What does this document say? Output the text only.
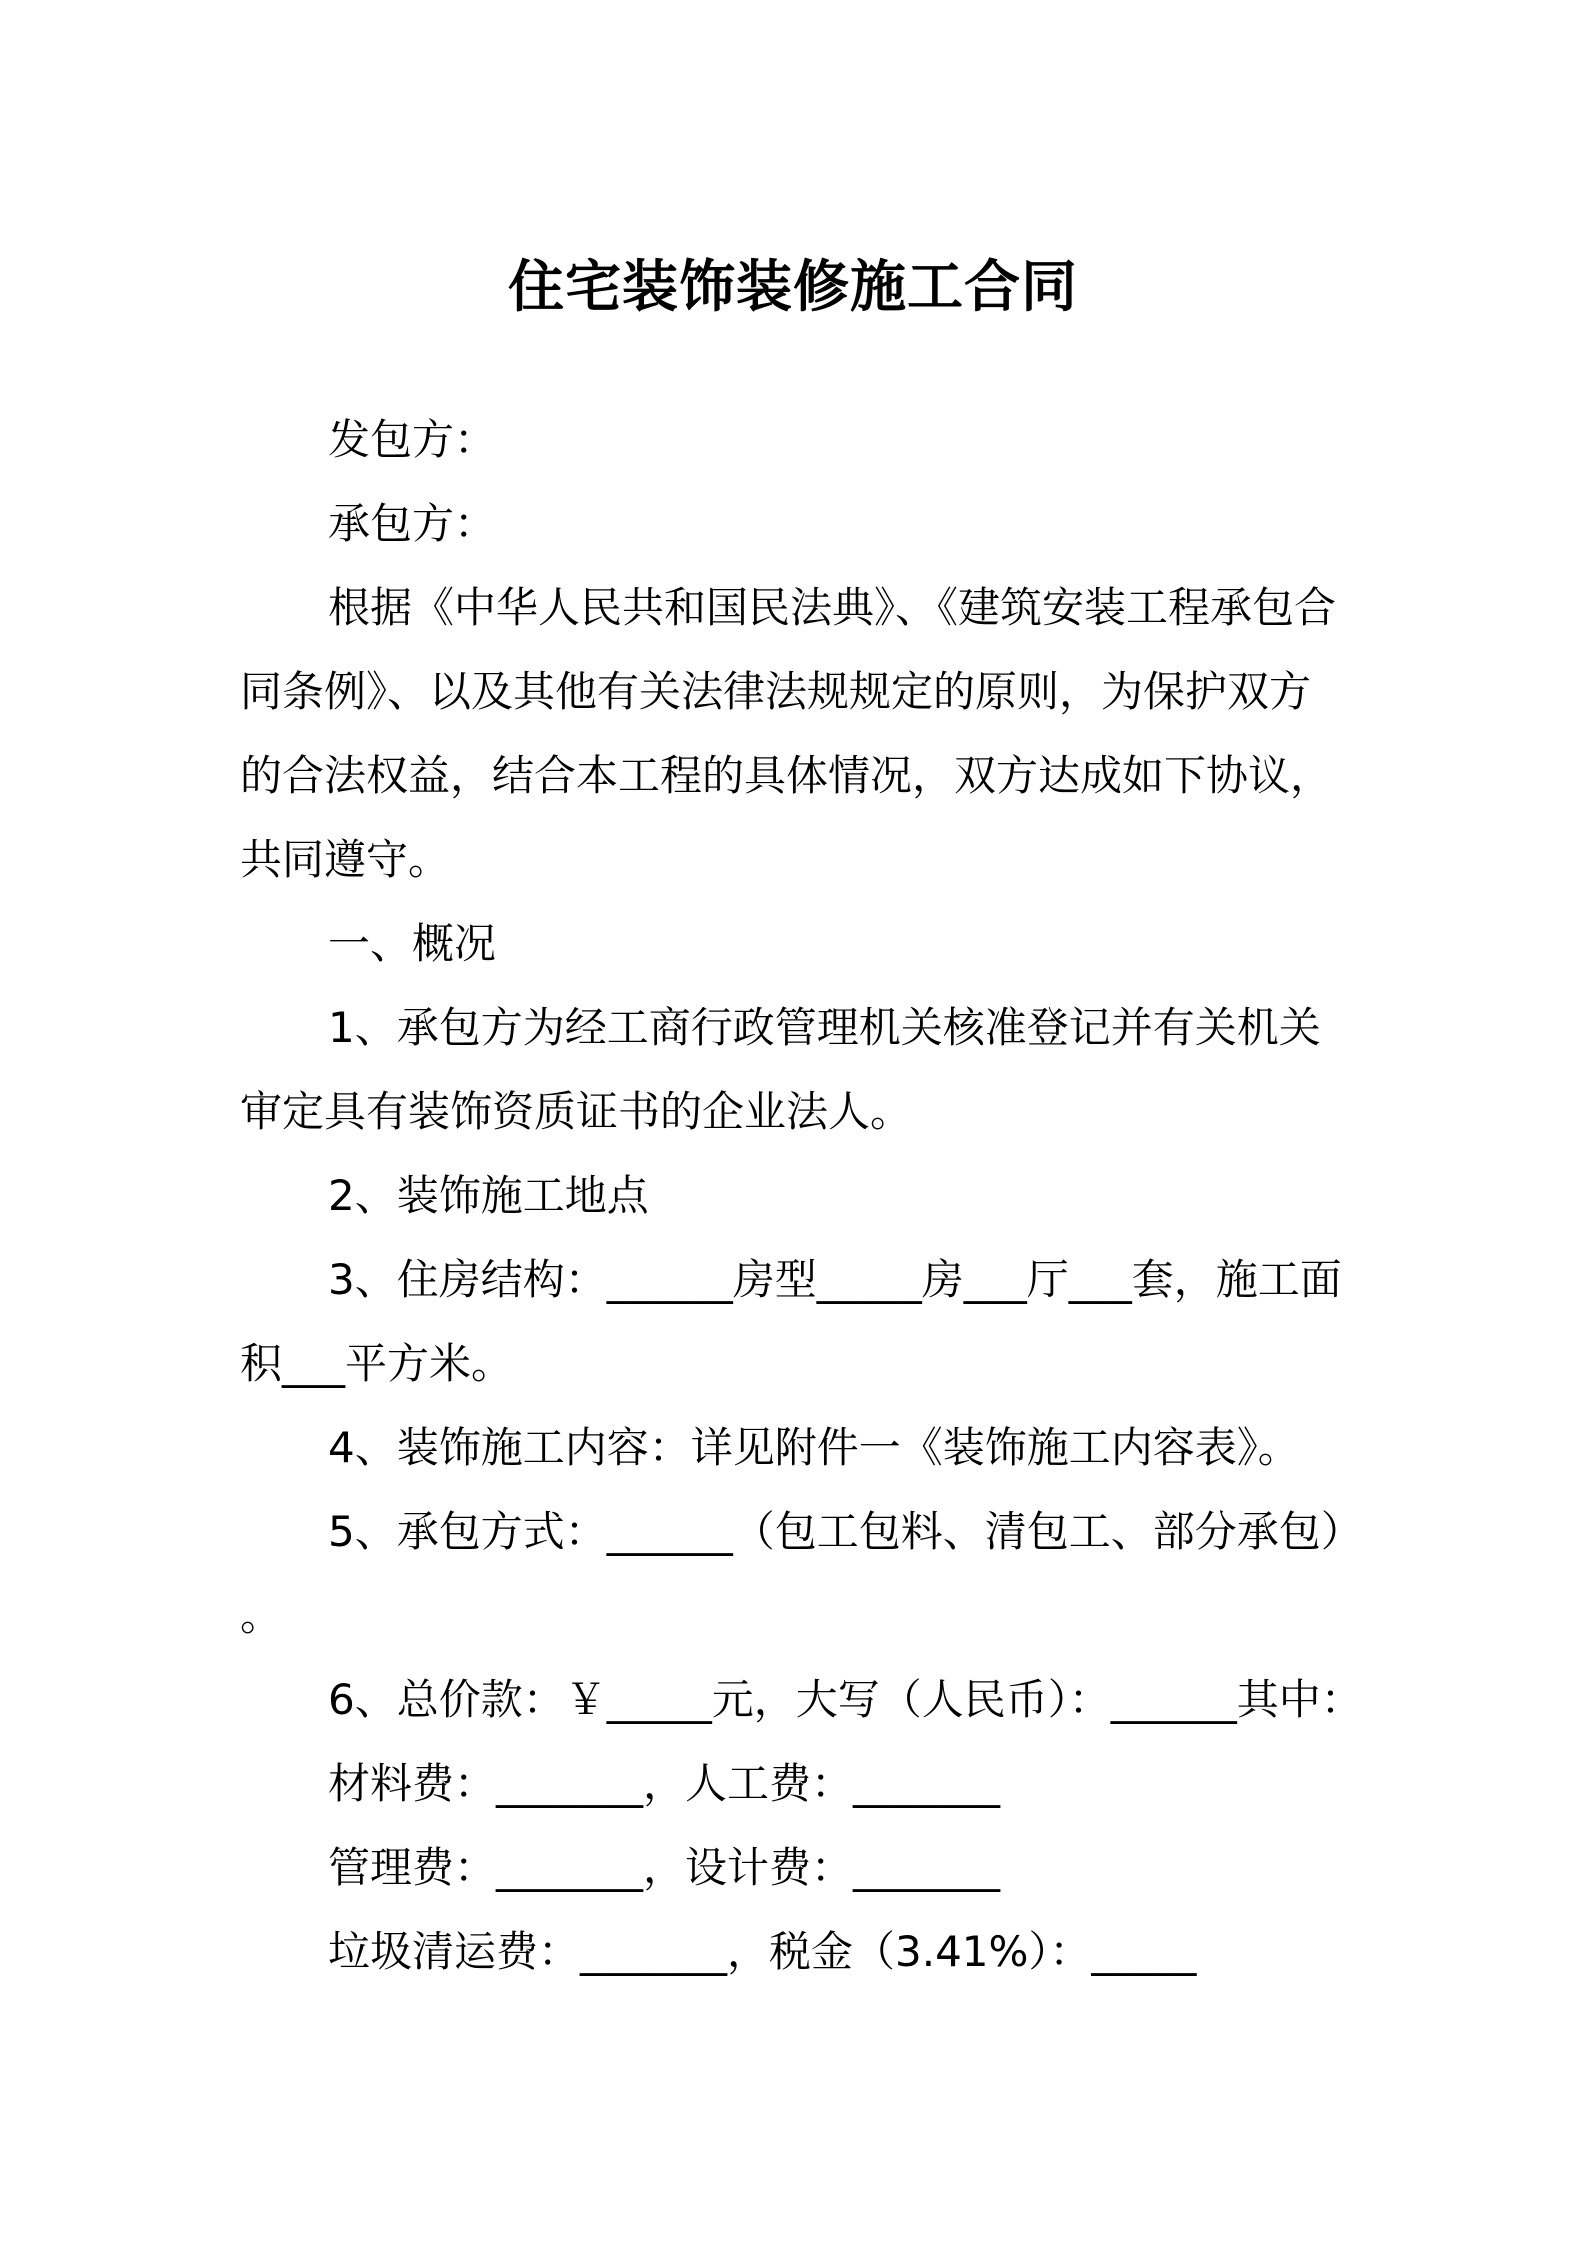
住宅装饰装修施工合同
发包方：
承包方：
根据《中华人民共和国民法典》、《建筑安装工程承包合
同条例》、以及其他有关法律法规规定的原则，为保护双方
的合法权益，结合本工程的具体情况，双方达成如下协议，
共同遵守。
一、概况
1、承包方为经工商行政管理机关核准登记并有关机关
审定具有装饰资质证书的企业法人。
2、装饰施工地点
3、住房结构：______房型_____房___厅___套，施工面
积___平方米。
4、装饰施工内容：详见附件一《装饰施工内容表》。
5、承包方式：______（包工包料、清包工、部分承包）
。
6、总价款：￥_____元，大写（人民币）：______其中：
材料费：_______，人工费：_______
管理费：_______，设计费：_______
垃圾清运费：_______，税金（3.41%）：_____
